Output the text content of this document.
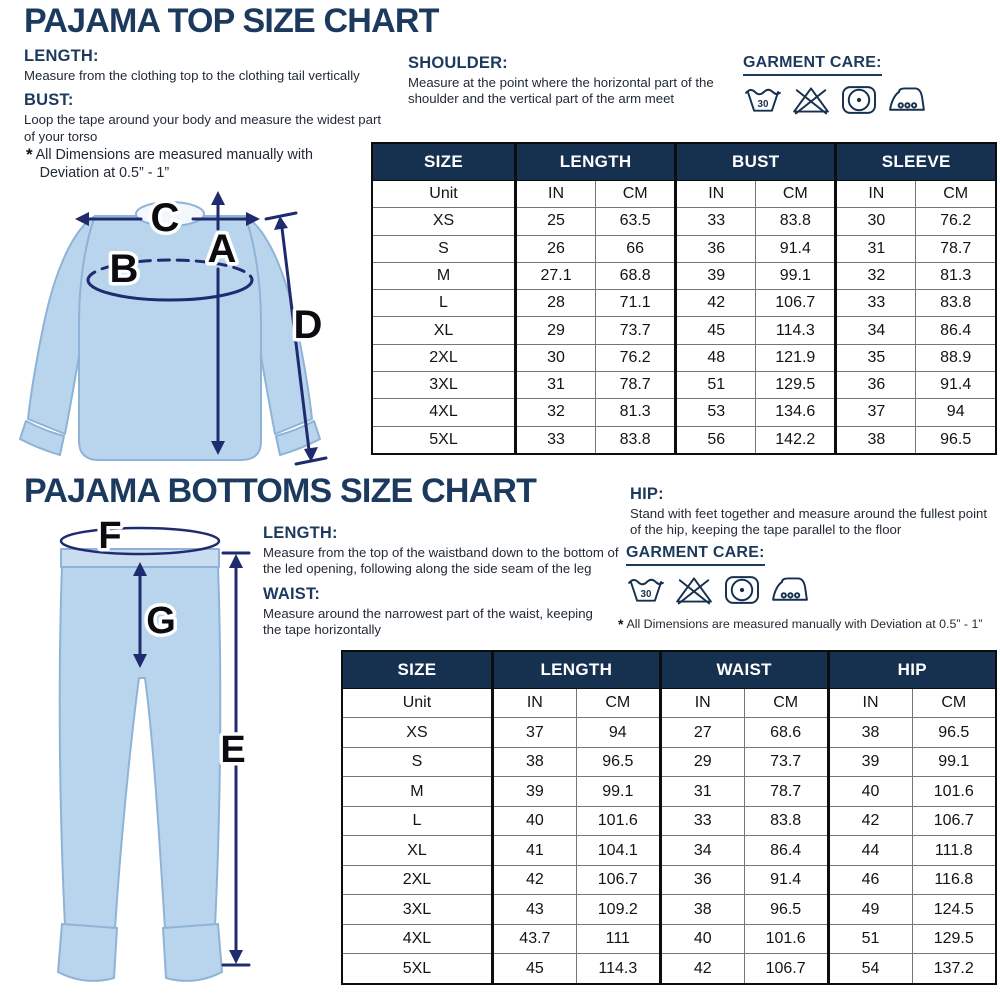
PAJAMA TOP SIZE CHART
LENGTH:
Measure from the clothing top to the clothing tail vertically
BUST:
Loop the tape around your body and measure the widest part of your torso
SHOULDER:
Measure at the point where the horizontal part of the shoulder and the vertical part of the arm meet
GARMENT CARE:
30
* All Dimensions are measured manually with
Deviation at 0.5” - 1”
C
A
B
D
SIZE	LENGTH		BUST		SLEEVE	
Unit	IN	CM	IN	CM	IN	CM
XS	25	63.5	33	83.8	30	76.2
S	26	66	36	91.4	31	78.7
M	27.1	68.8	39	99.1	32	81.3
L	28	71.1	42	106.7	33	83.8
XL	29	73.7	45	114.3	34	86.4
2XL	30	76.2	48	121.9	35	88.9
3XL	31	78.7	51	129.5	36	91.4
4XL	32	81.3	53	134.6	37	94
5XL	33	83.8	56	142.2	38	96.5
PAJAMA BOTTOMS SIZE CHART	HIP:
Stand with feet together and measure around the fullest point of the hip, keeping the tape parallel to the floor
LENGTH:
Measure from the top of the waistband down to the bottom of the led opening, following along the side seam of the leg
WAIST:
Measure around the narrowest part of the waist, keeping the tape horizontally
GARMENT CARE:
30
* All Dimensions are measured manually with Deviation at 0.5” - 1”
F
G
E
SIZE	LENGTH		WAIST		HIP	
Unit	IN	CM	IN	CM	IN	CM
XS	37	94	27	68.6	38	96.5
S	38	96.5	29	73.7	39	99.1
M	39	99.1	31	78.7	40	101.6
L	40	101.6	33	83.8	42	106.7
XL	41	104.1	34	86.4	44	111.8
2XL	42	106.7	36	91.4	46	116.8
3XL	43	109.2	38	96.5	49	124.5
4XL	43.7	111	40	101.6	51	129.5
5XL	45	114.3	42	106.7	54	137.2
